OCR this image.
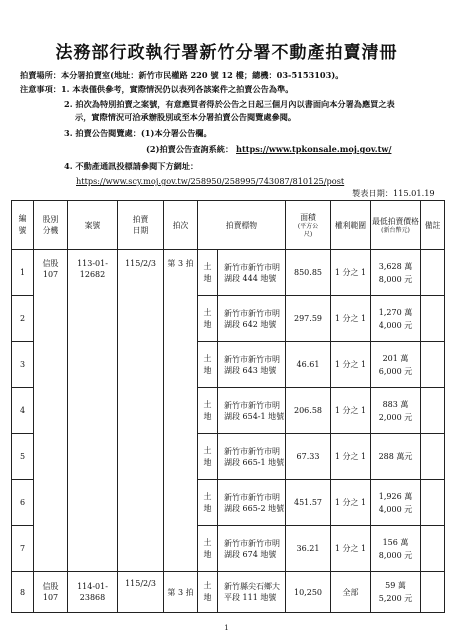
法務部行政執行署新竹分署不動產拍賣清冊
拍賣場所：本分署拍賣室(地址：新竹市民權路 220 號 12 樓；總機：03-5153103)。
注意事項：1. 本表僅供參考，實際情況仍以表列各該案件之拍賣公告為準。
2. 拍次為特別拍賣之案號，有意應買者得於公告之日起三個月內以書面向本分署為應買之表
示，實際情況可洽承辦股別或至本分署拍賣公告閱覽處參閱。
3. 拍賣公告閱覽處：(1)本分署公告欄。
(2)拍賣公告查詢系統： https://www.tpkonsale.moj.gov.tw/
4. 不動產通訊投標請參閱下方網址：
https://www.scy.moj.gov.tw/258950/258995/743087/810125/post
製表日期：115.01.19
編號	股別分機	案號	拍賣日期	拍次	拍賣標物		面積
(平方公尺)	權利範圍	最低拍賣價格
(新台幣元)	備註
1	信股107	113-01-12682	115/2/3	第 3 拍	土地	新竹市新竹市明湖段 444 地號	850.85	1 分之 1	3,628 萬
8,000 元	
2					土地	新竹市新竹市明湖段 642 地號	297.59	1 分之 1	1,270 萬
4,000 元	
3					土地	新竹市新竹市明湖段 643 地號	46.61	1 分之 1	201 萬
6,000 元	
4					土地	新竹市新竹市明湖段 654-1 地號	206.58	1 分之 1	883 萬
2,000 元	
5					土地	新竹市新竹市明湖段 665-1 地號	67.33	1 分之 1	288 萬元

6					土地	新竹市新竹市明湖段 665-2 地號	451.57	1 分之 1	1,926 萬
4,000 元	
7					土地	新竹市新竹市明湖段 674 地號	36.21	1 分之 1	156 萬
8,000 元	
8	信股107	114-01-23868	115/2/3	第 3 拍	土地	新竹縣尖石鄉大平段 111 地號	10,250	全部	59 萬
5,200 元	
1
